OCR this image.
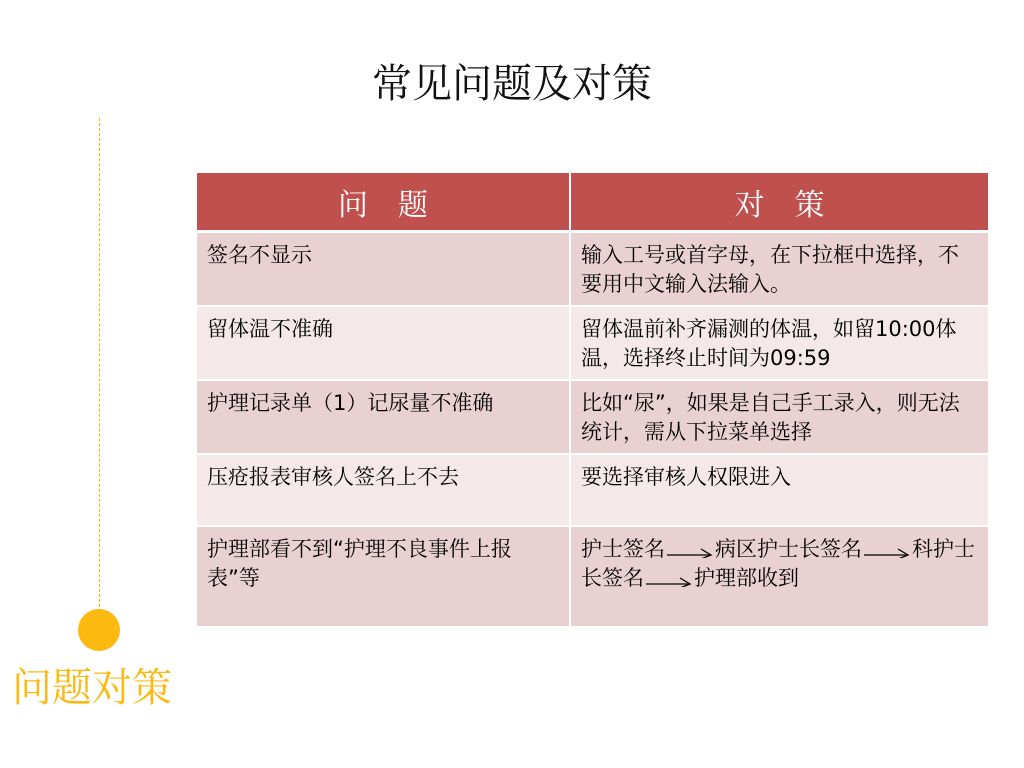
常见问题及对策
问题对策
问　题	对　策
签名不显示	输入工号或首字母，在下拉框中选择，不要用中文输入法输入。
留体温不准确	留体温前补齐漏测的体温，如留10:00体温，选择终止时间为09:59
护理记录单（1）记尿量不准确	比如“尿”，如果是自己手工录入，则无法统计，需从下拉菜单选择
压疮报表审核人签名上不去	要选择审核人权限进入
护理部看不到“护理不良事件上报表”等	护士签名 病区护士长签名 科护士长签名 护理部收到
